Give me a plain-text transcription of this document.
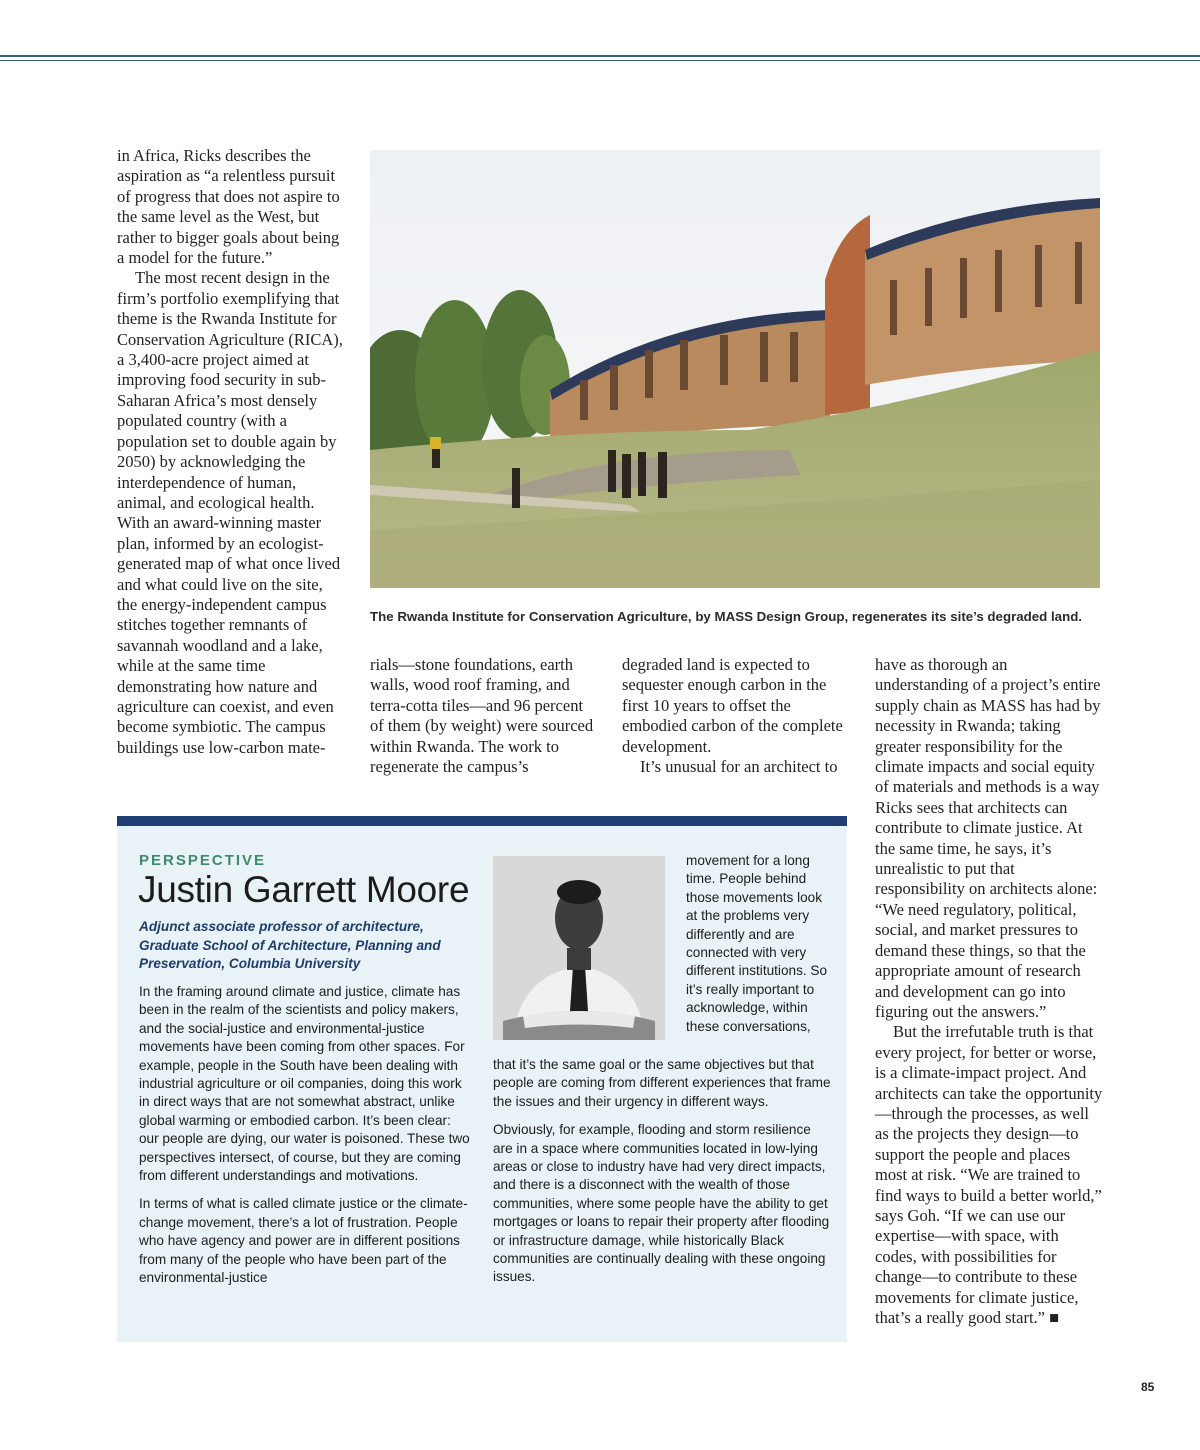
in Africa, Ricks describes the aspiration as “a relentless pursuit of progress that does not aspire to the same level as the West, but rather to bigger goals about being a model for the future.”

The most recent design in the firm’s portfolio exemplifying that theme is the Rwanda Institute for Conservation Agriculture (RICA), a 3,400-acre project aimed at improving food security in sub-Saharan Africa’s most densely populated country (with a population set to double again by 2050) by acknowledging the interdependence of human, animal, and ecological health. With an award-winning master plan, informed by an ecologist-generated map of what once lived and what could live on the site, the energy-independent campus stitches together remnants of savannah woodland and a lake, while at the same time demonstrating how nature and agriculture can coexist, and even become symbiotic. The campus buildings use low-carbon mate-

The Rwanda Institute for Conservation Agriculture, by MASS Design Group, regenerates its site’s degraded land.

rials—stone foundations, earth walls, wood roof framing, and terra-cotta tiles—and 96 percent of them (by weight) were sourced within Rwanda. The work to regenerate the campus’s

degraded land is expected to sequester enough carbon in the first 10 years to offset the embodied carbon of the complete development.

It’s unusual for an architect to

have as thorough an understanding of a project’s entire supply chain as MASS has had by necessity in Rwanda; taking greater responsibility for the climate impacts and social equity of materials and methods is a way Ricks sees that architects can contribute to climate justice. At the same time, he says, it’s unrealistic to put that responsibility on architects alone: “We need regulatory, political, social, and market pressures to demand these things, so that the appropriate amount of research and development can go into figuring out the answers.”

But the irrefutable truth is that every project, for better or worse, is a climate-impact project. And architects can take the opportunity—through the processes, as well as the projects they design—to support the people and places most at risk. “We are trained to find ways to build a better world,” says Goh. “If we can use our expertise—with space, with codes, with possibilities for change—to contribute to these movements for climate justice, that’s a really good start.” ■

PERSPECTIVE
Justin Garrett Moore
Adjunct associate professor of architecture, Graduate School of Architecture, Planning and Preservation, Columbia University

In the framing around climate and justice, climate has been in the realm of the scientists and policy makers, and the social-justice and environmental-justice movements have been coming from other spaces. For example, people in the South have been dealing with industrial agriculture or oil companies, doing this work in direct ways that are not somewhat abstract, unlike global warming or embodied carbon. It’s been clear: our people are dying, our water is poisoned. These two perspectives intersect, of course, but they are coming from different understandings and motivations.

In terms of what is called climate justice or the climate-change movement, there’s a lot of frustration. People who have agency and power are in different positions from many of the people who have been part of the environmental-justice

movement for a long time. People behind those movements look at the problems very differently and are connected with very different institutions. So it’s really important to acknowledge, within these conversations,

that it’s the same goal or the same objectives but that people are coming from different experiences that frame the issues and their urgency in different ways.

Obviously, for example, flooding and storm resilience are in a space where communities located in low-lying areas or close to industry have had very direct impacts, and there is a disconnect with the wealth of those communities, where some people have the ability to get mortgages or loans to repair their property after flooding or infrastructure damage, while historically Black communities are continually dealing with these ongoing issues.

85
